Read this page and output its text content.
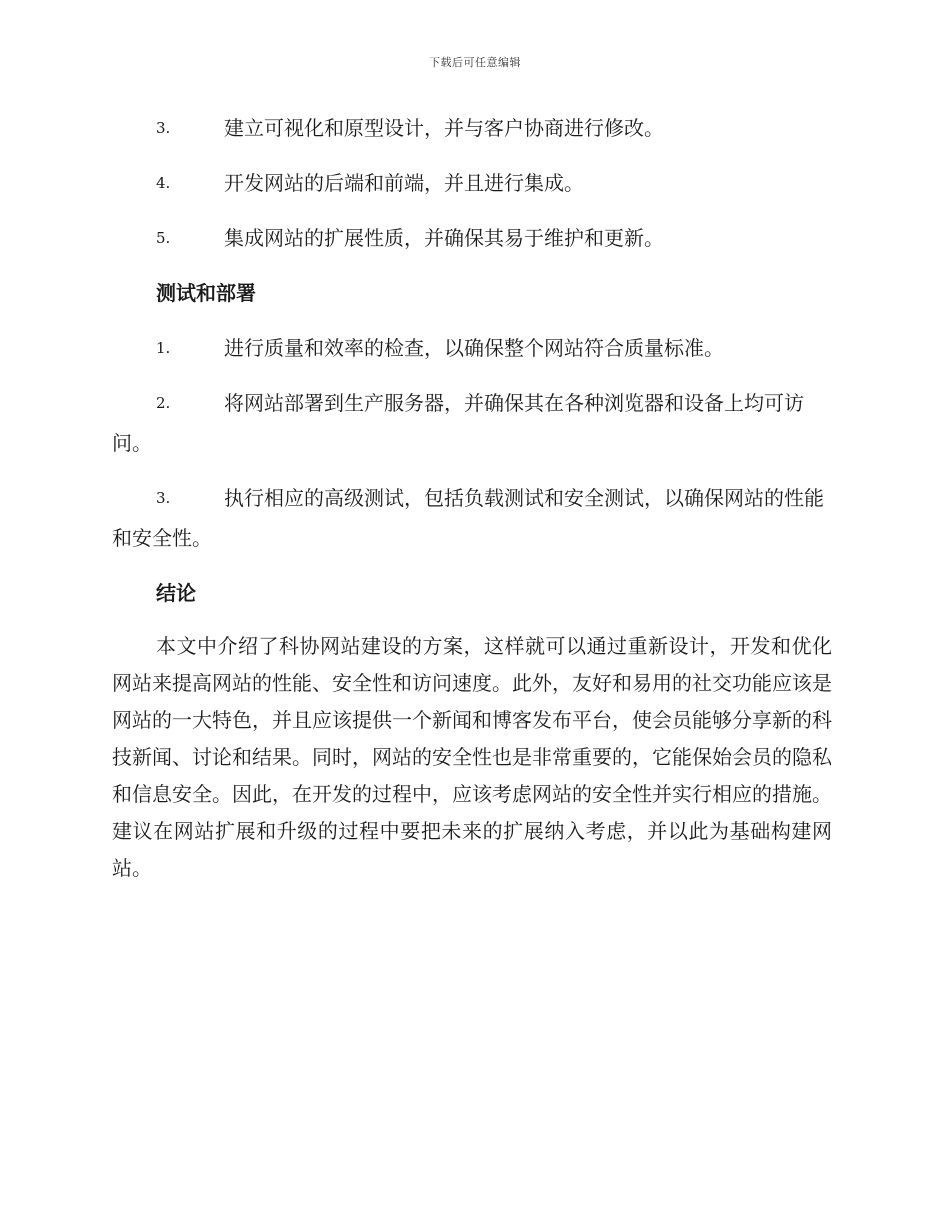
下载后可任意编辑
3.	建立可视化和原型设计，并与客户协商进行修改。
4.	开发网站的后端和前端，并且进行集成。
5.	集成网站的扩展性质，并确保其易于维护和更新。
测试和部署
1.	进行质量和效率的检查，以确保整个网站符合质量标准。
2.	将网站部署到生产服务器，并确保其在各种浏览器和设备上均可访问。
3.	执行相应的高级测试，包括负载测试和安全测试，以确保网站的性能和安全性。
结论

本文中介绍了科协网站建设的方案，这样就可以通过重新设计，开发和优化网站来提高网站的性能、安全性和访问速度。此外，友好和易用的社交功能应该是网站的一大特色，并且应该提供一个新闻和博客发布平台，使会员能够分享新的科技新闻、讨论和结果。同时，网站的安全性也是非常重要的，它能保始会员的隐私和信息安全。因此，在开发的过程中，应该考虑网站的安全性并实行相应的措施。建议在网站扩展和升级的过程中要把未来的扩展纳入考虑，并以此为基础构建网站。
